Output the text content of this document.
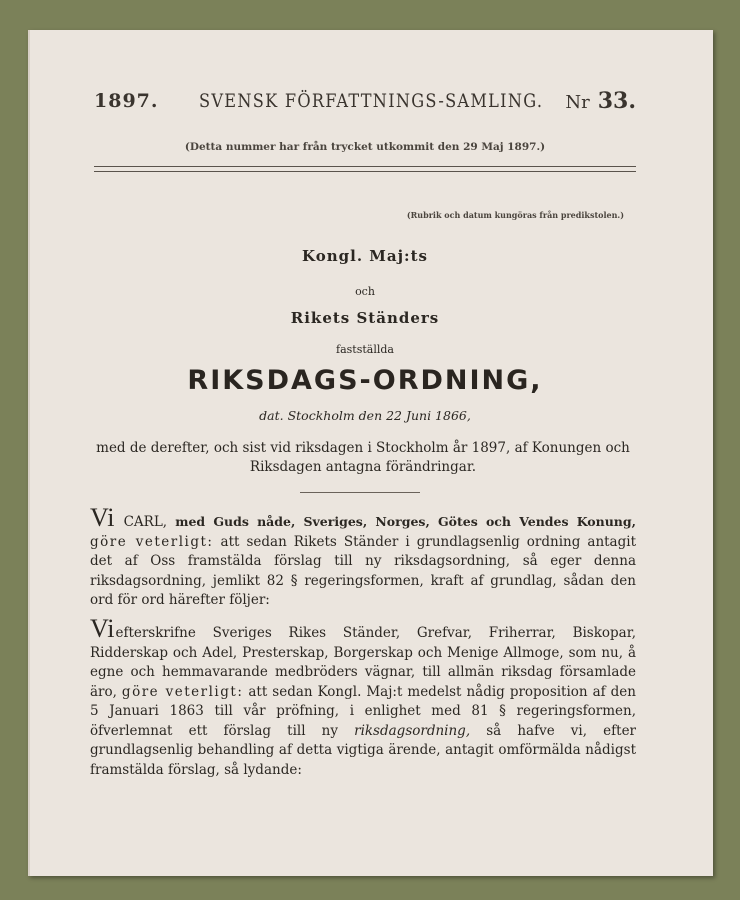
1897. SVENSK FÖRFATTNINGS-SAMLING. Nr 33.
(Detta nummer har från trycket utkommit den 29 Maj 1897.)
(Rubrik och datum kungöras från predikstolen.)
Kongl. Maj:ts
och
Rikets Ständers
fastställda
RIKSDAGS-ORDNING,
dat. Stockholm den 22 Juni 1866,
med de derefter, och sist vid riksdagen i Stockholm år 1897, af Konungen och Riksdagen antagna förändringar.

Vi CARL, med Guds nåde, Sveriges, Norges, Götes och Vendes Konung, göre veterligt: att sedan Rikets Ständer i grundlagsenlig ordning antagit det af Oss framstälda förslag till ny riksdagsordning, så eger denna riksdagsordning, jemlikt 82 § regeringsformen, kraft af grundlag, sådan den ord för ord härefter följer:

Viefterskrifne Sveriges Rikes Ständer, Grefvar, Friherrar, Biskopar, Ridderskap och Adel, Presterskap, Borgerskap och Menige Allmoge, som nu, å egne och hemmavarande medbröders vägnar, till allmän riksdag församlade äro, göre veterligt: att sedan Kongl. Maj:t medelst nådig proposition af den 5 Januari 1863 till vår pröfning, i enlighet med 81 § regeringsformen, öfverlemnat ett förslag till ny riksdagsordning, så hafve vi, efter grundlagsenlig behandling af detta vigtiga ärende, antagit omförmälda nådigst framstälda förslag, så lydande:
